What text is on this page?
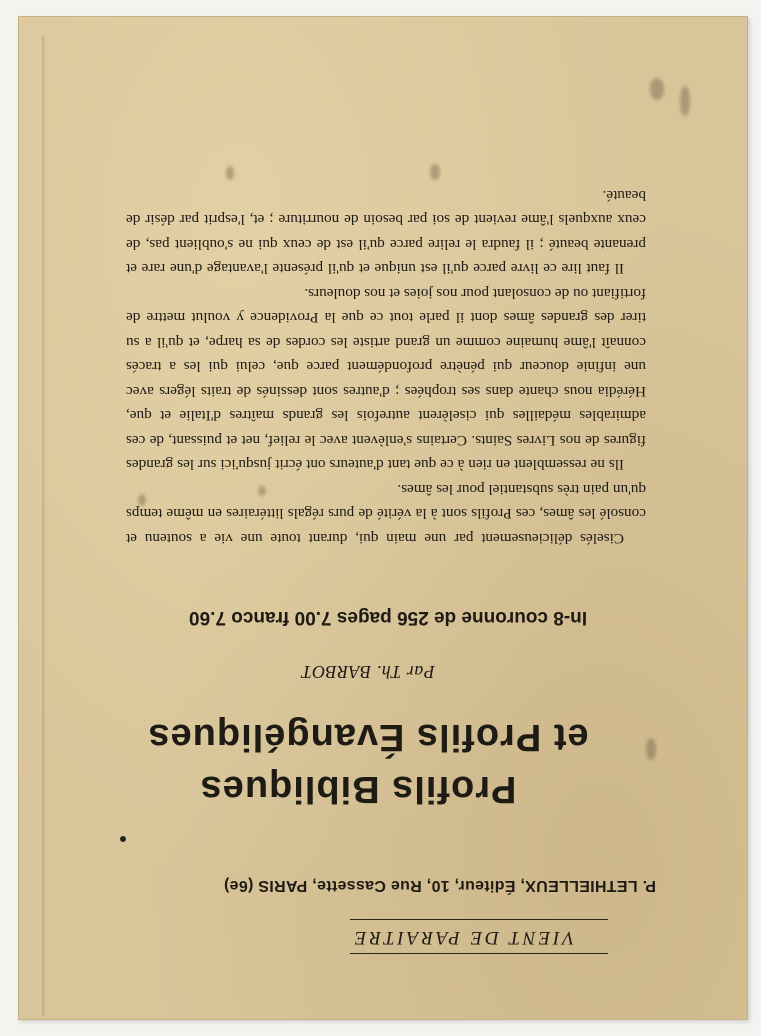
VIENT DE PARAITRE
P. LETHIELLEUX, Éditeur, 10, Rue Cassette, PARIS (6e)
Profils Bibliques
et Profils Évangéliques
Par Th. BARBOT
In-8 couronne de 256 pages 7.00 franco 7.60

Ciselés délicieusement par une main qui, durant toute une vie a soutenu et consolé les âmes, ces Profils sont à la vérité de purs régals littéraires en même temps qu'un pain très substantiel pour les âmes.

Ils ne ressemblent en rien à ce que tant d'auteurs ont écrit jusqu'ici sur les grandes figures de nos Livres Saints. Certains s'enlèvent avec le relief, net et puissant, de ces admirables médailles qui ciselèrent autrefois les grands maîtres d'Italie et que, Hérédia nous chante dans ses trophées ; d'autres sont dessinés de traits légers avec une infinie douceur qui pénètre profondément parce que, celui qui les a tracés connaît l'âme humaine comme un grand artiste les cordes de sa harpe, et qu'il a su tirer des grandes âmes dont il parle tout ce que la Providence y voulut mettre de fortifiant ou de consolant pour nos joies et nos douleurs.

Il faut lire ce livre parce qu'il est unique et qu'il présente l'avantage d'une rare et prenante beauté ; il faudra le relire parce qu'il est de ceux qui ne s'oublient pas, de ceux auxquels l'âme revient de soi par besoin de nourriture ; et, l'esprit par désir de beauté.
